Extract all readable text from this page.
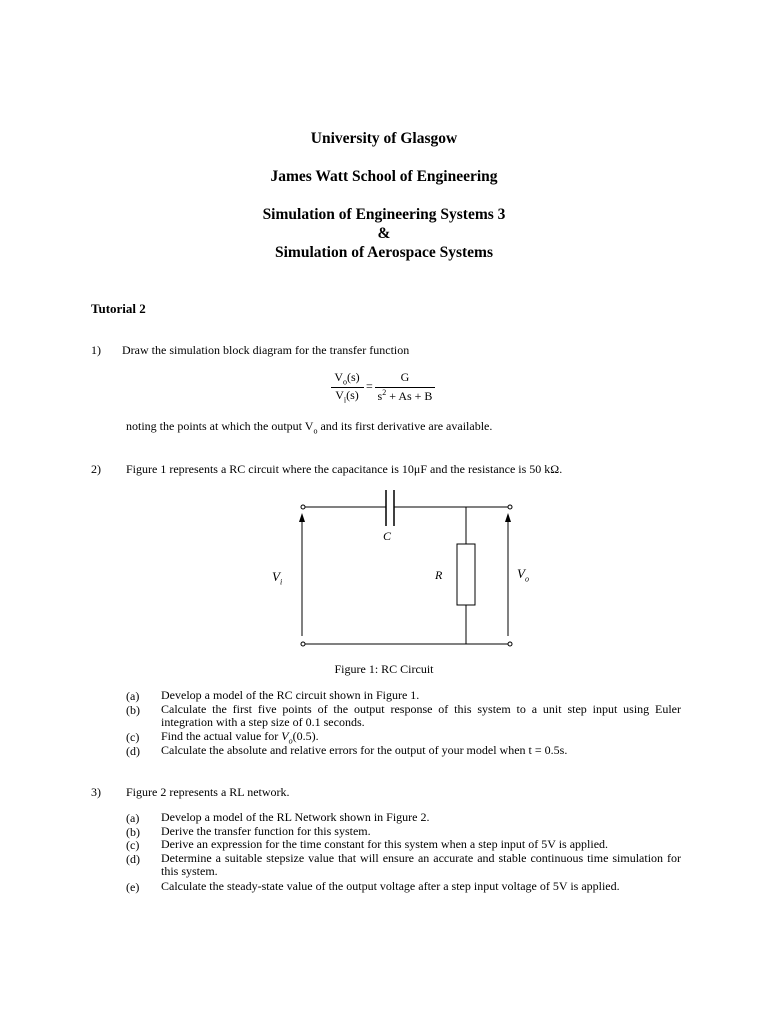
University of Glasgow
James Watt School of Engineering
Simulation of Engineering Systems 3
&
Simulation of Aerospace Systems
Tutorial 2
1) Draw the simulation block diagram for the transfer function
$V_o(s)$
$V_i(s)$
=
G
$s^2 + As + B$
noting the points at which the output $V_o$ and its first derivative are available.
2) Figure 1 represents a RC circuit where the capacitance is 10μF and the resistance is 50 kΩ.
C
R
$V_i$
$V_o$
Figure 1: RC Circuit
(a) Develop a model of the RC circuit shown in Figure 1.
(b) Calculate the first five points of the output response of this system to a unit step input using Euler integration with a step size of 0.1 seconds.
(c) Find the actual value for $V_o(0.5)$.
(d) Calculate the absolute and relative errors for the output of your model when t = 0.5s.
3) Figure 2 represents a RL network.
(a) Develop a model of the RL Network shown in Figure 2.
(b) Derive the transfer function for this system.
(c) Derive an expression for the time constant for this system when a step input of 5V is applied.
(d) Determine a suitable stepsize value that will ensure an accurate and stable continuous time simulation for this system.
(e) Calculate the steady-state value of the output voltage after a step input voltage of 5V is applied.
